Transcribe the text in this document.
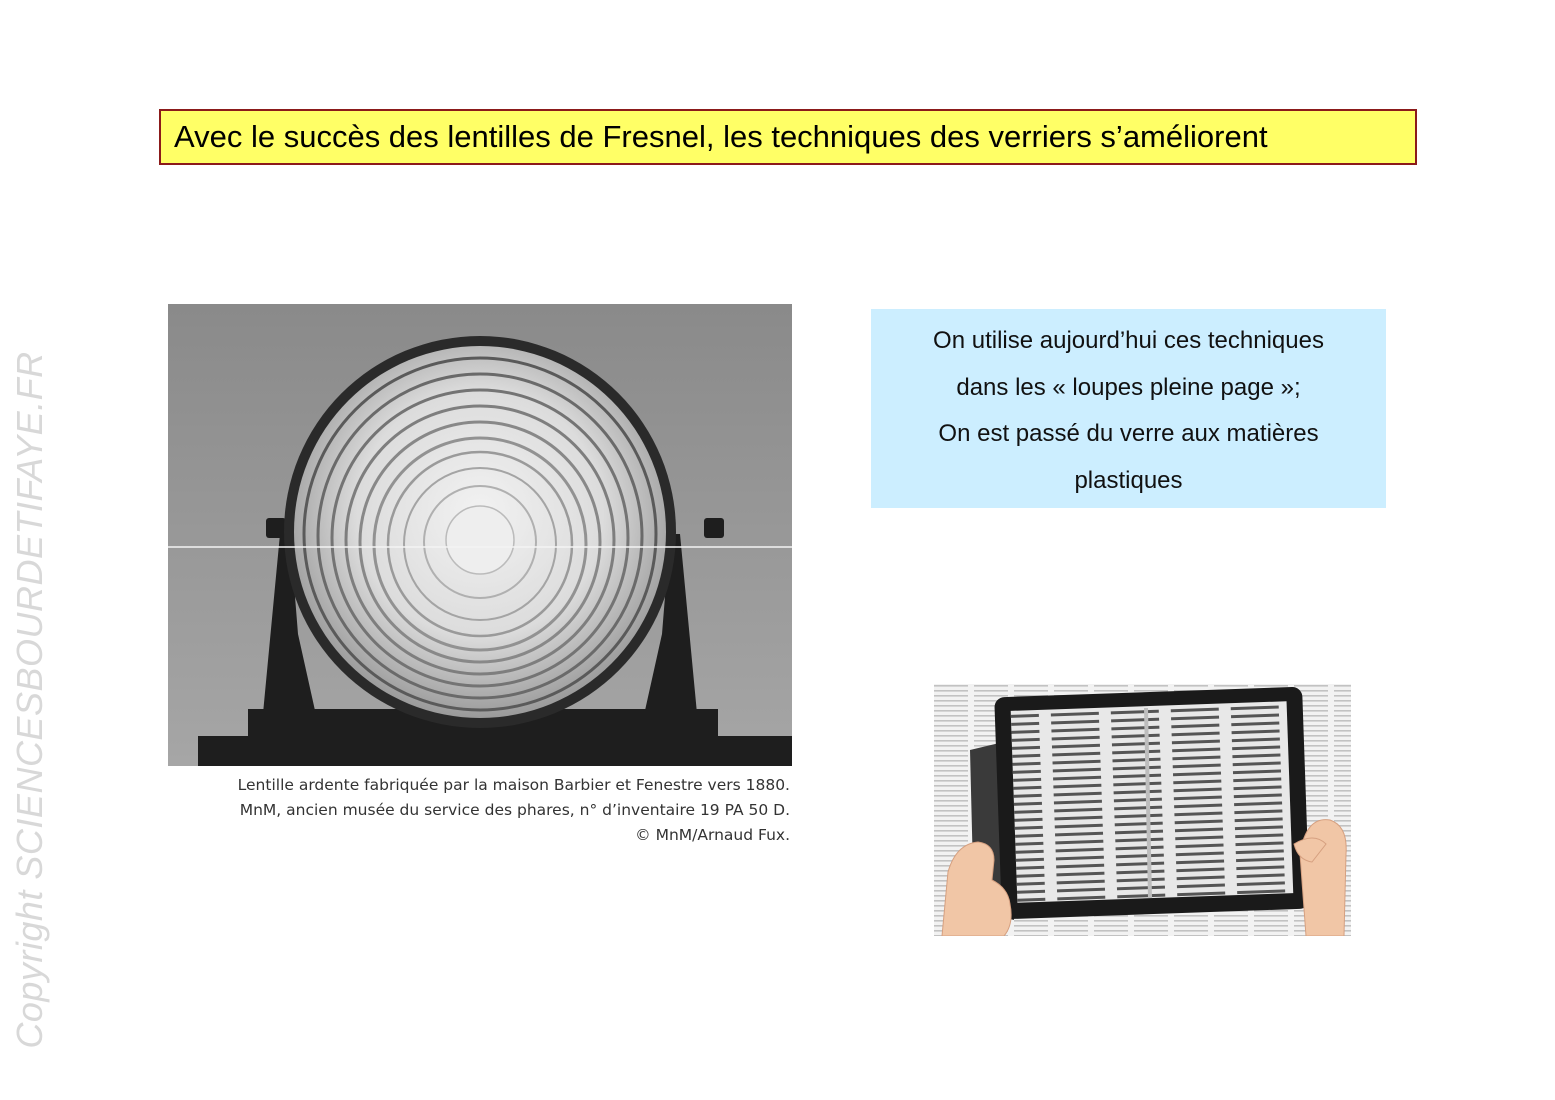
Copyright SCIENCESBOURDETIFAYE.FR
Avec le succès des lentilles de Fresnel, les techniques des verriers s’améliorent
Lentille ardente fabriquée par la maison Barbier et Fenestre vers 1880.
MnM, ancien musée du service des phares, n° d’inventaire 19 PA 50 D.
© MnM/Arnaud Fux.
On utilise aujourd’hui ces techniques
dans les « loupes pleine page »;
On est passé du verre aux matières
plastiques
